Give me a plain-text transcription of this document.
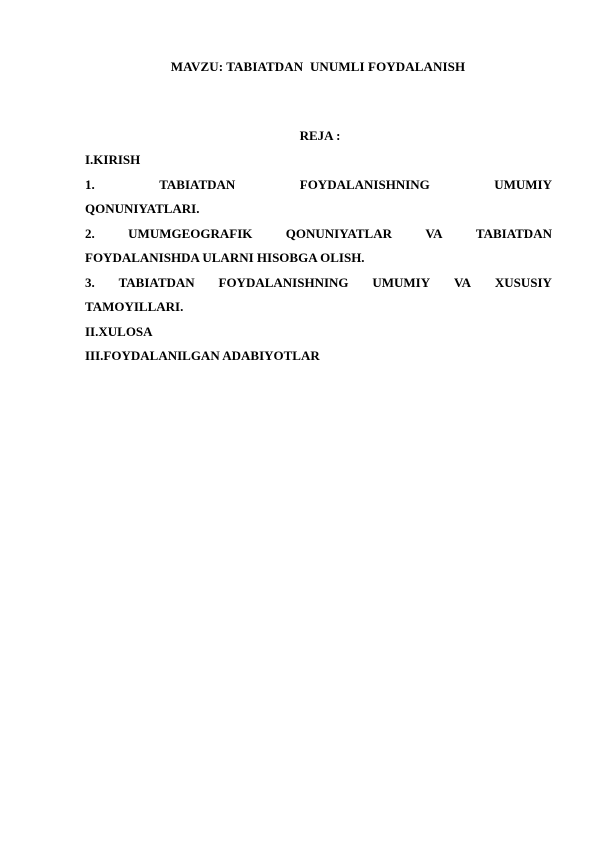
MAVZU: TABIATDAN  UNUMLI FOYDALANISH
REJA :
I.KIRISH
1.	TABIATDAN	FOYDALANISHNING	UMUMIY
QONUNIYATLARI.
2.	UMUMGEOGRAFIK	QONUNIYATLAR	VA	TABIATDAN
FOYDALANISHDA ULARNI HISOBGA OLISH.
3. TABIATDAN FOYDALANISHNING UMUMIY VA XUSUSIY
TAMOYILLARI.
II.XULOSA
III.FOYDALANILGAN ADABIYOTLAR
